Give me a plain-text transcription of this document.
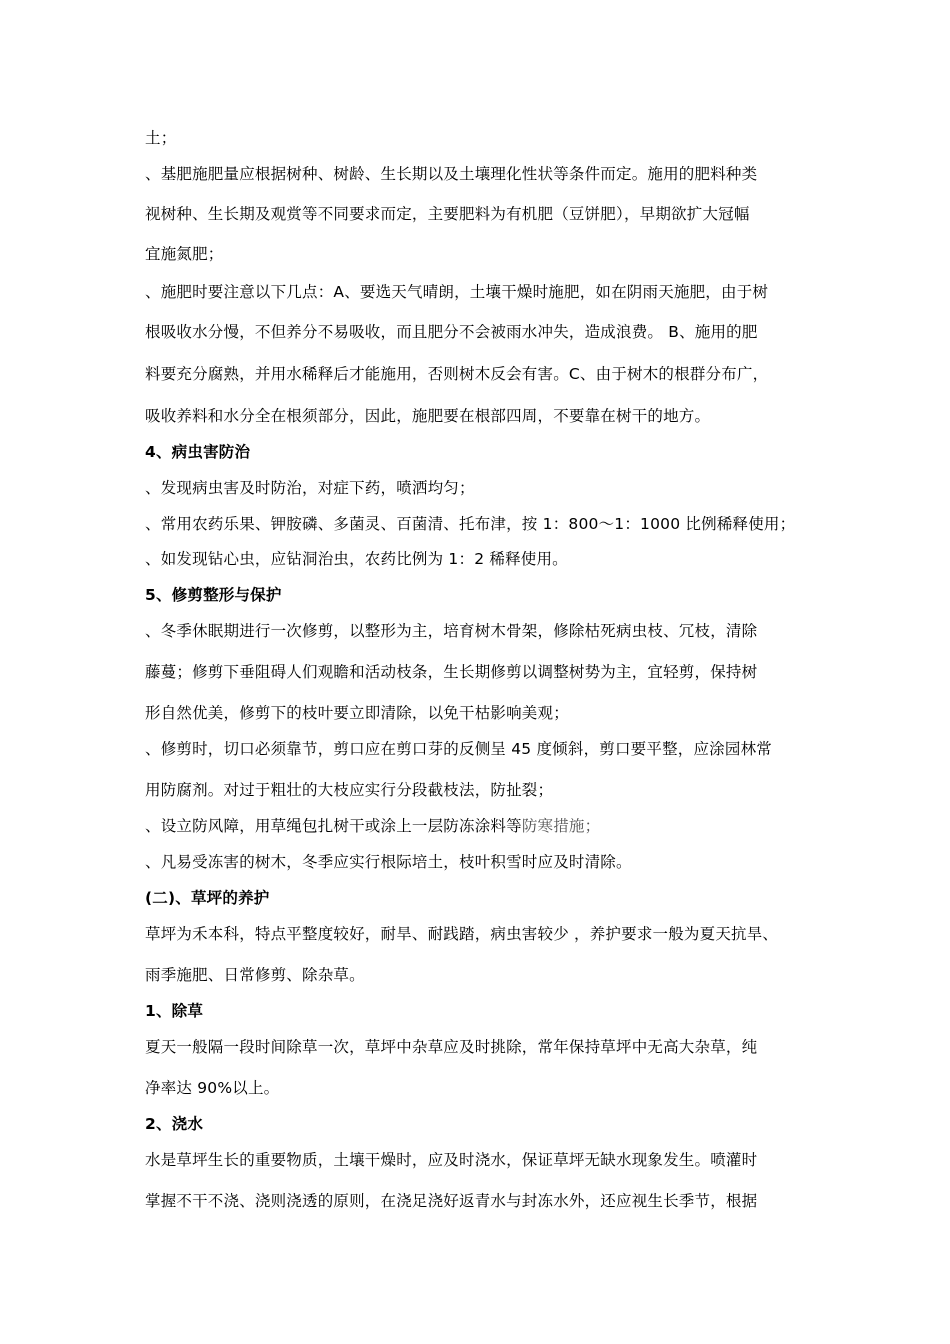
土；
、基肥施肥量应根据树种、树龄、生长期以及土壤理化性状等条件而定。施用的肥料种类
视树种、生长期及观赏等不同要求而定，主要肥料为有机肥（豆饼肥），早期欲扩大冠幅
宜施氮肥；
、施肥时要注意以下几点：A、要选天气晴朗，土壤干燥时施肥，如在阴雨天施肥，由于树
根吸收水分慢，不但养分不易吸收，而且肥分不会被雨水冲失，造成浪费。 B、施用的肥
料要充分腐熟，并用水稀释后才能施用，否则树木反会有害。C、由于树木的根群分布广，
吸收养料和水分全在根须部分，因此，施肥要在根部四周，不要靠在树干的地方。
4、病虫害防治
、发现病虫害及时防治，对症下药，喷洒均匀；
、常用农药乐果、钾胺磷、多菌灵、百菌清、托布津，按 1：800～1：1000 比例稀释使用；
、如发现钻心虫，应钻洞治虫，农药比例为 1：2 稀释使用。
5、修剪整形与保护
、冬季休眠期进行一次修剪，以整形为主，培育树木骨架，修除枯死病虫枝、冗枝，清除
藤蔓；修剪下垂阻碍人们观瞻和活动枝条，生长期修剪以调整树势为主，宜轻剪，保持树
形自然优美，修剪下的枝叶要立即清除，以免干枯影响美观；
、修剪时，切口必须靠节，剪口应在剪口芽的反侧呈 45 度倾斜，剪口要平整，应涂园林常
用防腐剂。对过于粗壮的大枝应实行分段截枝法，防扯裂；
、设立防风障，用草绳包扎树干或涂上一层防冻涂料等防寒措施；
、凡易受冻害的树木，冬季应实行根际培土，枝叶积雪时应及时清除。
(二)、草坪的养护
草坪为禾本科，特点平整度较好，耐旱、耐践踏，病虫害较少 ，养护要求一般为夏天抗旱、
雨季施肥、日常修剪、除杂草。
1、除草
夏天一般隔一段时间除草一次，草坪中杂草应及时挑除，常年保持草坪中无高大杂草，纯
净率达 90%以上。
2、浇水
水是草坪生长的重要物质，土壤干燥时，应及时浇水，保证草坪无缺水现象发生。喷灌时
掌握不干不浇、浇则浇透的原则，在浇足浇好返青水与封冻水外，还应视生长季节，根据
